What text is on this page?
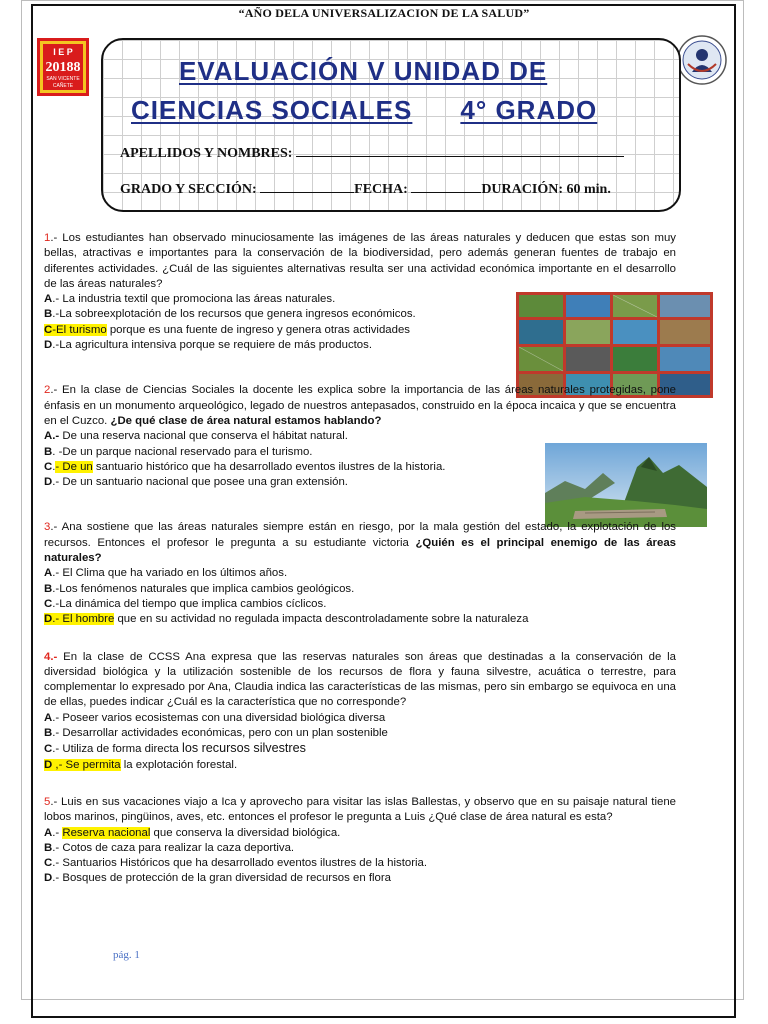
“AÑO DELA UNIVERSALIZACION DE LA SALUD”
I E P
20188
SAN VICENTE
CAÑETE	EVALUACIÓN V UNIDAD DE
CIENCIAS SOCIALES 4° GRADO
APELLIDOS Y NOMBRES:
GRADO Y SECCIÓN:	FECHA:	DURACIÓN: 60 min.

1.- Los estudiantes han observado minuciosamente las imágenes de las áreas naturales y deducen que estas son muy bellas, atractivas e importantes para la conservación de la biodiversidad, pero además generan fuentes de trabajo en diferentes actividades. ¿Cuál de las siguientes alternativas resulta ser una actividad económica importante en el desarrollo de las áreas naturales?

A.- La industria textil que promociona las áreas naturales.

B.-La sobreexplotación de los recursos que genera ingresos económicos.

C-El turismo porque es una fuente de ingreso y genera otras actividades

D.-La agricultura intensiva porque se requiere de más productos.

2.- En la clase de Ciencias Sociales la docente les explica sobre la importancia de las áreas naturales protegidas, pone énfasis en un monumento arqueológico, legado de nuestros antepasados, construido en la época incaica y que se encuentra en el Cuzco. ¿De qué clase de área natural estamos hablando?

A.- De una reserva nacional que conserva el hábitat natural.

B. -De un parque nacional reservado para el turismo.

C.- De un santuario histórico que ha desarrollado eventos ilustres de la historia.

D.- De un santuario nacional que posee una gran extensión.

3.- Ana sostiene que las áreas naturales siempre están en riesgo, por la mala gestión del estado, la explotación de los recursos. Entonces el profesor le pregunta a su estudiante victoria ¿Quién es el principal enemigo de las áreas naturales?

A.- El Clima que ha variado en los últimos años.

B.-Los fenómenos naturales que implica cambios geológicos.

C.-La dinámica del tiempo que implica cambios cíclicos.

D.- El hombre que en su actividad no regulada impacta descontroladamente sobre la naturaleza

4.- En la clase de CCSS Ana expresa que las reservas naturales son áreas que destinadas a la conservación de la diversidad biológica y la utilización sostenible de los recursos de flora y fauna silvestre, acuática o terrestre, para complementar lo expresado por Ana, Claudia indica las características de las mismas, pero sin embargo se equivoca en una de ellas, puedes indicar ¿Cuál es la característica que no corresponde?

A.- Poseer varios ecosistemas con una diversidad biológica diversa

B.- Desarrollar actividades económicas, pero con un plan sostenible

C.- Utiliza de forma directa los recursos silvestres

D ,- Se permita la explotación forestal.

5.- Luis en sus vacaciones viajo a Ica y aprovecho para visitar las islas Ballestas, y observo que en su paisaje natural tiene lobos marinos, pingüinos, aves, etc. entonces el profesor le pregunta a Luis ¿Qué clase de área natural es esta?

A.- Reserva nacional que conserva la diversidad biológica.

B.- Cotos de caza para realizar la caza deportiva.

C.- Santuarios Históricos que ha desarrollado eventos ilustres de la historia.

D.- Bosques de protección de la gran diversidad de recursos en flora

pág. 1
